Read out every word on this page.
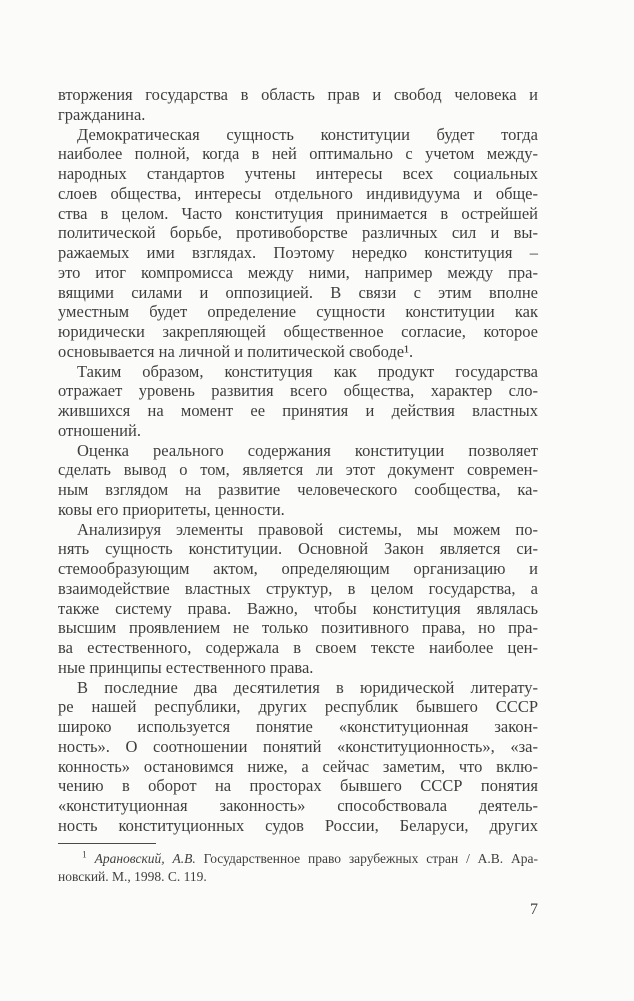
вторжения государства в область прав и свобод человека и
гражданина.
Демократическая сущность конституции будет тогда
наиболее полной, когда в ней оптимально с учетом между-
народных стандартов учтены интересы всех социальных
слоев общества, интересы отдельного индивидуума и обще-
ства в целом. Часто конституция принимается в острейшей
политической борьбе, противоборстве различных сил и вы-
ражаемых ими взглядах. Поэтому нередко конституция –
это итог компромисса между ними, например между пра-
вящими силами и оппозицией. В связи с этим вполне
уместным будет определение сущности конституции как
юридически закрепляющей общественное согласие, которое
основывается на личной и политической свободе¹.
Таким образом, конституция как продукт государства
отражает уровень развития всего общества, характер сло-
жившихся на момент ее принятия и действия властных
отношений.
Оценка реального содержания конституции позволяет
сделать вывод о том, является ли этот документ современ-
ным взглядом на развитие человеческого сообщества, ка-
ковы его приоритеты, ценности.
Анализируя элементы правовой системы, мы можем по-
нять сущность конституции. Основной Закон является си-
стемообразующим актом, определяющим организацию и
взаимодействие властных структур, в целом государства, а
также систему права. Важно, чтобы конституция являлась
высшим проявлением не только позитивного права, но пра-
ва естественного, содержала в своем тексте наиболее цен-
ные принципы естественного права.
В последние два десятилетия в юридической литерату-
ре нашей республики, других республик бывшего СССР
широко используется понятие «конституционная закон-
ность». О соотношении понятий «конституционность», «за-
конность» остановимся ниже, а сейчас заметим, что вклю-
чению в оборот на просторах бывшего СССР понятия
«конституционная законность» способствовала деятель-
ность конституционных судов России, Беларуси, других
$^1$ Арановский, А.В. Государственное право зарубежных стран / А.В. Ара-
новский. М., 1998. С. 119.
7
